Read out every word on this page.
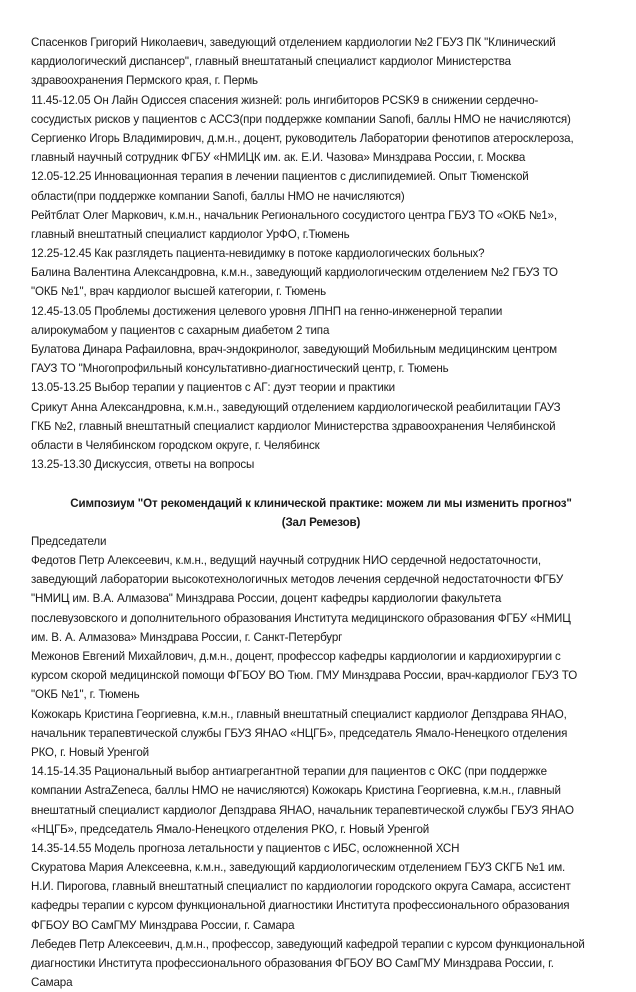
Спасенков Григорий Николаевич, заведующий отделением кардиологии №2 ГБУЗ ПК "Клинический
кардиологический диспансер", главный внештатаный специалист кардиолог Министерства
здравоохранения Пермского края, г. Пермь
11.45-12.05 Он Лайн Одиссея спасения жизней: роль ингибиторов PCSK9 в снижении сердечно-
сосудистых рисков у пациентов с АССЗ(при поддержке компании Sanofi, баллы НМО не начисляются)
Сергиенко Игорь Владимирович, д.м.н., доцент, руководитель Лаборатории фенотипов атеросклероза,
главный научный сотрудник ФГБУ «НМИЦК им. ак. Е.И. Чазова» Минздрава России, г. Москва
12.05-12.25 Инновационная терапия в лечении пациентов с дислипидемией. Опыт Тюменской
области(при поддержке компании Sanofi, баллы НМО не начисляются)
Рейтблат Олег Маркович, к.м.н., начальник Регионального сосудистого центра ГБУЗ ТО «ОКБ №1»,
главный внештатный специалист кардиолог УрФО, г.Тюмень
12.25-12.45 Как разглядеть пациента-невидимку в потоке кардиологических больных?
Балина Валентина Александровна, к.м.н., заведующий кардиологическим отделением №2 ГБУЗ ТО
"ОКБ №1", врач кардиолог высшей категории, г. Тюмень
12.45-13.05 Проблемы достижения целевого уровня ЛПНП на генно-инженерной терапии
алирокумабом у пациентов с сахарным диабетом 2 типа
Булатова Динара Рафаиловна, врач-эндокринолог, заведующий Мобильным медицинским центром
ГАУЗ ТО "Многопрофильный консультативно-диагностический центр, г. Тюмень
13.05-13.25 Выбор терапии у пациентов с АГ: дуэт теории и практики
Срикут Анна Александровна, к.м.н., заведующий отделением кардиологической реабилитации ГАУЗ
ГКБ №2, главный внештатный специалист кардиолог Министерства здравоохранения Челябинской
области в Челябинском городском округе, г. Челябинск
13.25-13.30 Дискуссия, ответы на вопросы
Симпозиум "От рекомендаций к клинической практике: можем ли мы изменить прогноз"
(Зал Ремезов)
Председатели
Федотов Петр Алексеевич, к.м.н., ведущий научный сотрудник НИО сердечной недостаточности,
заведующий лаборатории высокотехнологичных методов лечения сердечной недостаточности ФГБУ
"НМИЦ им. В.А. Алмазова" Минздрава России, доцент кафедры кардиологии факультета
послевузовского и дополнительного образования Института медицинского образования ФГБУ «НМИЦ
им. В. А. Алмазова» Минздрава России, г. Санкт-Петербург
Межонов Евгений Михайлович, д.м.н., доцент, профессор кафедры кардиологии и кардиохирургии с
курсом скорой медицинской помощи ФГБОУ ВО Тюм. ГМУ Минздрава России, врач-кардиолог ГБУЗ ТО
"ОКБ №1", г. Тюмень
Кожокарь Кристина Георгиевна, к.м.н., главный внештатный специалист кардиолог Депздрава ЯНАО,
начальник терапевтической службы ГБУЗ ЯНАО «НЦГБ», председатель Ямало-Ненецкого отделения
РКО, г. Новый Уренгой
14.15-14.35 Рациональный выбор антиагрегантной терапии для пациентов с ОКС (при поддержке
компании AstraZeneca, баллы НМО не начисляются) Кожокарь Кристина Георгиевна, к.м.н., главный
внештатный специалист кардиолог Депздрава ЯНАО, начальник терапевтической службы ГБУЗ ЯНАО
«НЦГБ», председатель Ямало-Ненецкого отделения РКО, г. Новый Уренгой
14.35-14.55 Модель прогноза летальности у пациентов с ИБС, осложненной ХСН
Скуратова Мария Алексеевна, к.м.н., заведующий кардиологическим отделением ГБУЗ СКГБ №1 им.
Н.И. Пирогова, главный внештатный специалист по кардиологии городского округа Самара, ассистент
кафедры терапии с курсом функциональной диагностики Института профессионального образования
ФГБОУ ВО СамГМУ Минздрава России, г. Самара
Лебедев Петр Алексеевич, д.м.н., профессор, заведующий кафедрой терапии с курсом функциональной
диагностики Института профессионального образования ФГБОУ ВО СамГМУ Минздрава России, г.
Самара
